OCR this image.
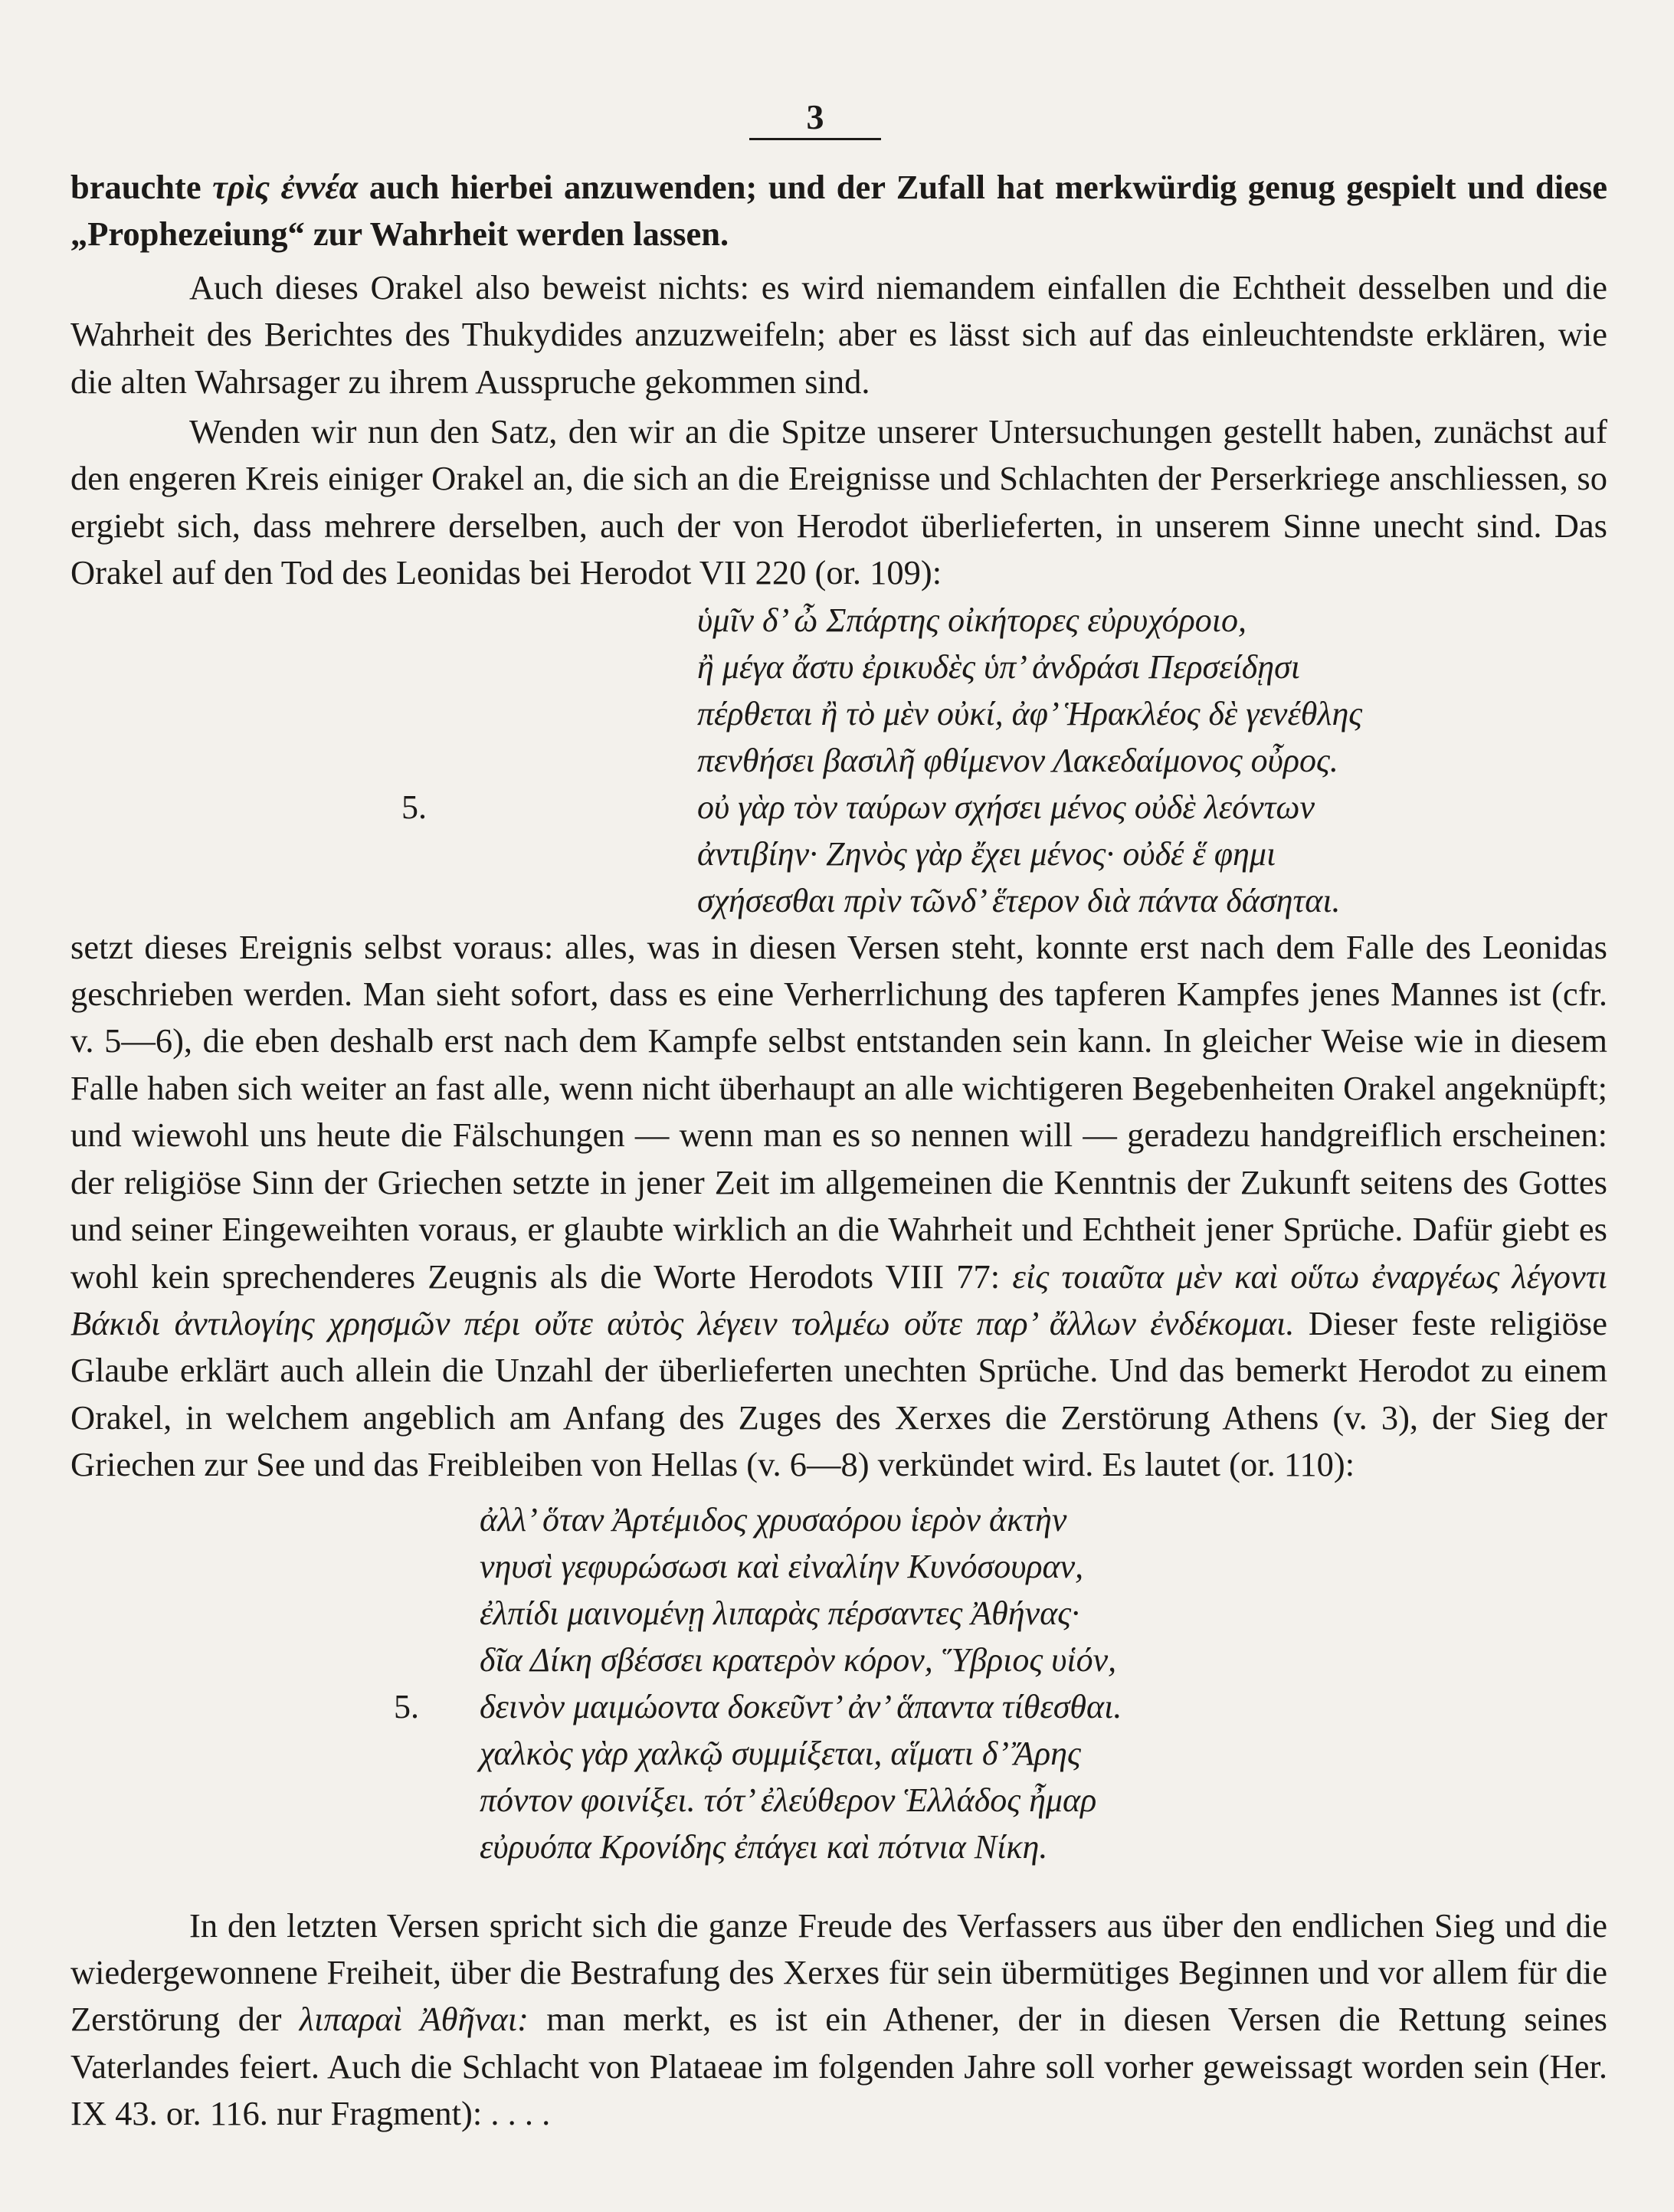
3

brauchte τρὶς ἐννέα auch hierbei anzuwenden; und der Zufall hat merkwürdig genug gespielt und diese „Prophezeiung“ zur Wahrheit werden lassen.

Auch dieses Orakel also beweist nichts: es wird niemandem einfallen die Echtheit desselben und die Wahrheit des Berichtes des Thukydides anzuzweifeln; aber es lässt sich auf das einleuchtendste erklären, wie die alten Wahrsager zu ihrem Ausspruche gekommen sind.

Wenden wir nun den Satz, den wir an die Spitze unserer Untersuchungen gestellt haben, zunächst auf den engeren Kreis einiger Orakel an, die sich an die Ereignisse und Schlachten der Perserkriege anschliessen, so ergiebt sich, dass mehrere derselben, auch der von Herodot überlieferten, in unserem Sinne unecht sind. Das Orakel auf den Tod des Leonidas bei Herodot VII 220 (or. 109):

ὑμῖν δ’ ὦ Σπάρτης οἰκήτορες εὐρυχόροιο,
ἢ μέγα ἄστυ ἐρικυδὲς ὑπ’ ἀνδράσι Περσείδῃσι
πέρθεται ἢ τὸ μὲν οὐκί, ἀφ’ Ἡρακλέος δὲ γενέθλης
πενθήσει βασιλῆ φθίμενον Λακεδαίμονος οὖρος.
5.	οὐ γὰρ τὸν ταύρων σχήσει μένος οὐδὲ λεόντων
ἀντιβίην· Ζηνὸς γὰρ ἔχει μένος· οὐδέ ἕ φημι
σχήσεσθαι πρὶν τῶνδ’ ἕτερον διὰ πάντα δάσηται.

setzt dieses Ereignis selbst voraus: alles, was in diesen Versen steht, konnte erst nach dem Falle des Leonidas geschrieben werden. Man sieht sofort, dass es eine Verherrlichung des tapferen Kampfes jenes Mannes ist (cfr. v. 5—6), die eben deshalb erst nach dem Kampfe selbst entstanden sein kann. In gleicher Weise wie in diesem Falle haben sich weiter an fast alle, wenn nicht überhaupt an alle wichtigeren Begebenheiten Orakel angeknüpft; und wiewohl uns heute die Fälschungen — wenn man es so nennen will — geradezu handgreiflich erscheinen: der religiöse Sinn der Griechen setzte in jener Zeit im allgemeinen die Kenntnis der Zukunft seitens des Gottes und seiner Eingeweihten voraus, er glaubte wirklich an die Wahrheit und Echtheit jener Sprüche. Dafür giebt es wohl kein sprechenderes Zeugnis als die Worte Herodots VIII 77: εἰς τοιαῦτα μὲν καὶ οὕτω ἐναργέως λέγοντι Βάκιδι ἀντιλογίης χρησμῶν πέρι οὔτε αὐτὸς λέγειν τολμέω οὔτε παρ’ ἄλλων ἐνδέκομαι. Dieser feste religiöse Glaube erklärt auch allein die Unzahl der überlieferten unechten Sprüche. Und das bemerkt Herodot zu einem Orakel, in welchem angeblich am Anfang des Zuges des Xerxes die Zerstörung Athens (v. 3), der Sieg der Griechen zur See und das Freibleiben von Hellas (v. 6—8) verkündet wird. Es lautet (or. 110):

ἀλλ’ ὅταν Ἀρτέμιδος χρυσαόρου ἱερὸν ἀκτὴν
νηυσὶ γεφυρώσωσι καὶ εἰναλίην Κυνόσουραν,
ἐλπίδι μαινομένῃ λιπαρὰς πέρσαντες Ἀθήνας·
δῖα Δίκη σβέσσει κρατερὸν κόρον, Ὕβριος υἱόν,
5. δεινὸν μαιμώοντα δοκεῦντ’ ἀν’ ἅπαντα τίθεσθαι.
χαλκὸς γὰρ χαλκῷ συμμίξεται, αἵματι δ’ Ἄρης
πόντον φοινίξει. τότ’ ἐλεύθερον Ἑλλάδος ἦμαρ
εὐρυόπα Κρονίδης ἐπάγει καὶ πότνια Νίκη.

In den letzten Versen spricht sich die ganze Freude des Verfassers aus über den endlichen Sieg und die wiedergewonnene Freiheit, über die Bestrafung des Xerxes für sein übermütiges Beginnen und vor allem für die Zerstörung der λιπαραὶ Ἀθῆναι: man merkt, es ist ein Athener, der in diesen Versen die Rettung seines Vaterlandes feiert. Auch die Schlacht von Plataeae im folgenden Jahre soll vorher geweissagt worden sein (Her. IX 43. or. 116. nur Fragment): . . . .
